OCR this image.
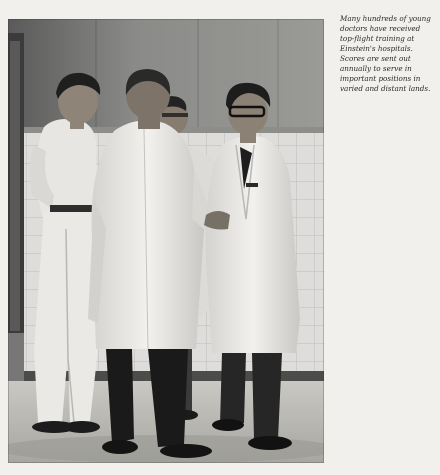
Many hundreds of young doctors have received top-flight training at Einstein's hospitals. Scores are sent out annually to serve in important positions in varied and distant lands.
